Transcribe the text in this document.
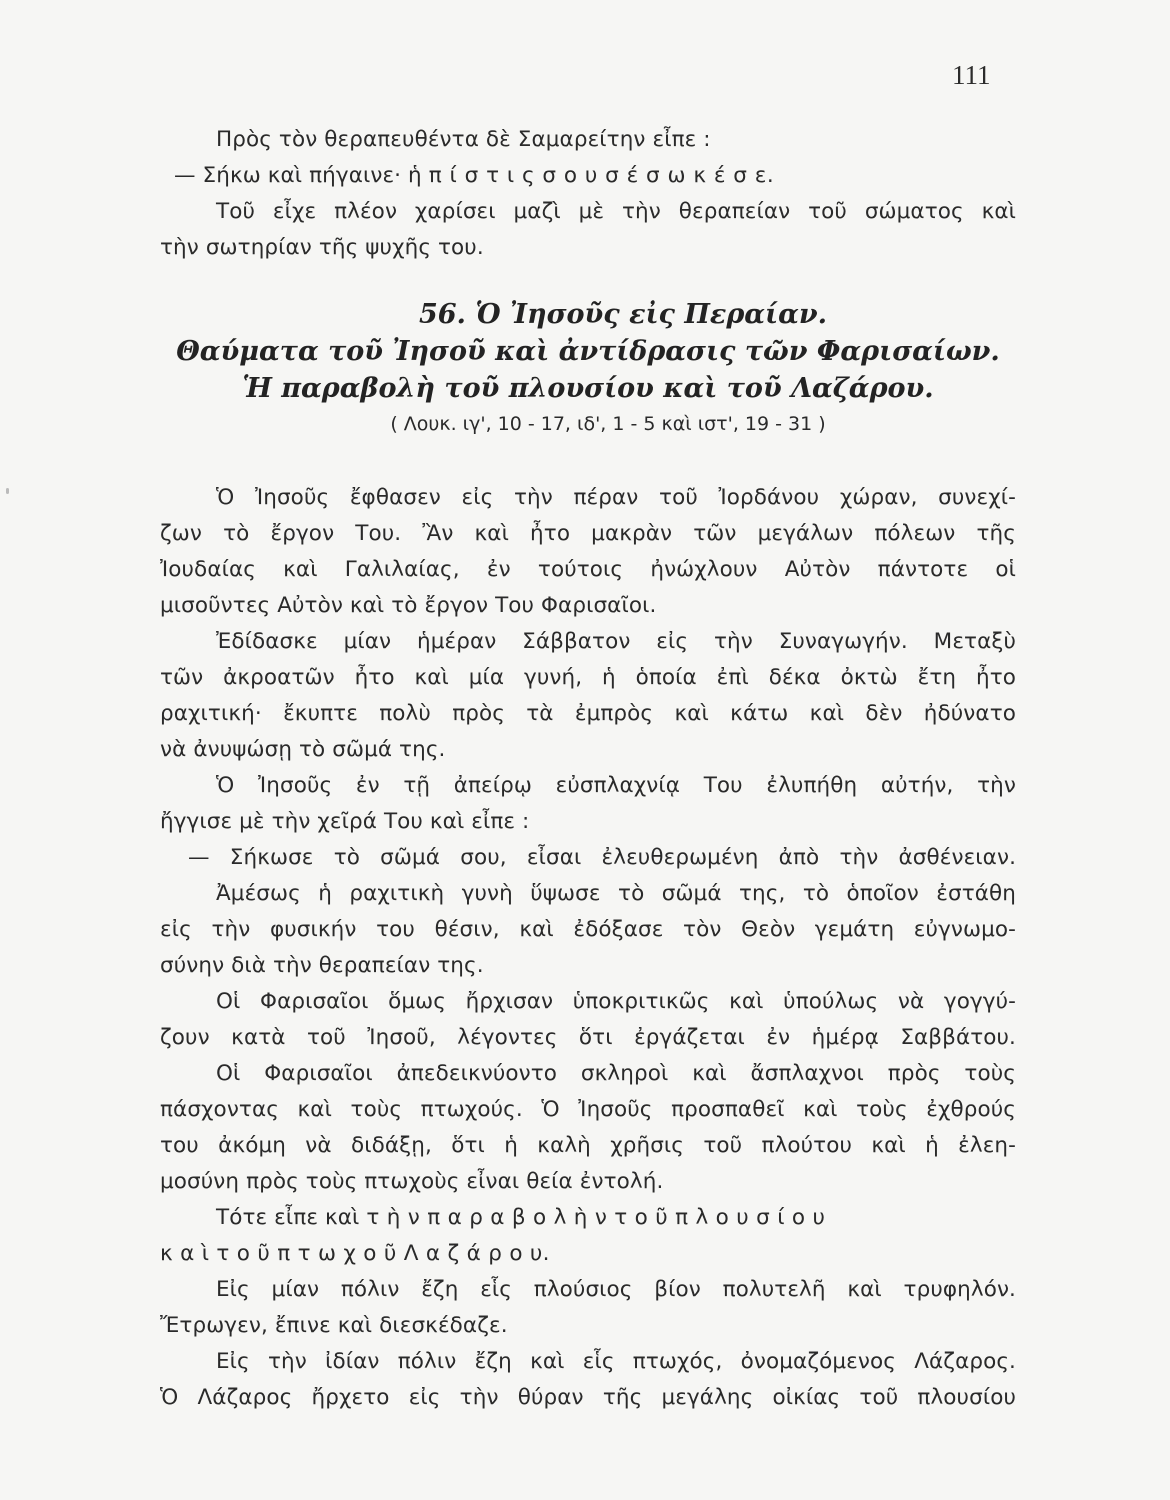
111
Πρὸς τὸν θεραπευθέντα δὲ Σαμαρείτην εἶπε :
— Σήκω καὶ πήγαινε· ἡ π ί σ τ ι ς σ ο υ σ έ σ ω κ έ σ ε.
Τοῦ εἶχε πλέον χαρίσει μαζὶ μὲ τὴν θεραπείαν τοῦ σώματος καὶ
τὴν σωτηρίαν τῆς ψυχῆς του.
56. Ὁ Ἰησοῦς εἰς Περαίαν.
Θαύματα τοῦ Ἰησοῦ καὶ ἀντίδρασις τῶν Φαρισαίων.
Ἡ παραβολὴ τοῦ πλουσίου καὶ τοῦ Λαζάρου.
( Λουκ. ιγ', 10 - 17, ιδ', 1 - 5 καὶ ιστ', 19 - 31 )
Ὁ Ἰησοῦς ἔφθασεν εἰς τὴν πέραν τοῦ Ἰορδάνου χώραν, συνεχί-
ζων τὸ ἔργον Του. Ἂν καὶ ἦτο μακρὰν τῶν μεγάλων πόλεων τῆς
Ἰουδαίας καὶ Γαλιλαίας, ἐν τούτοις ἠνώχλουν Αὐτὸν πάντοτε οἱ
μισοῦντες Αὐτὸν καὶ τὸ ἔργον Του Φαρισαῖοι.
Ἐδίδασκε μίαν ἡμέραν Σάββατον εἰς τὴν Συναγωγήν. Μεταξὺ
τῶν ἀκροατῶν ἦτο καὶ μία γυνή, ἡ ὁποία ἐπὶ δέκα ὀκτὼ ἔτη ἦτο
ραχιτική· ἔκυπτε πολὺ πρὸς τὰ ἐμπρὸς καὶ κάτω καὶ δὲν ἠδύνατο
νὰ ἀνυψώσῃ τὸ σῶμά της.
Ὁ Ἰησοῦς ἐν τῇ ἀπείρῳ εὐσπλαχνίᾳ Του ἐλυπήθη αὐτήν, τὴν
ἤγγισε μὲ τὴν χεῖρά Του καὶ εἶπε :
— Σήκωσε τὸ σῶμά σου, εἶσαι ἐλευθερωμένη ἀπὸ τὴν ἀσθένειαν.
Ἀμέσως ἡ ραχιτικὴ γυνὴ ὕψωσε τὸ σῶμά της, τὸ ὁποῖον ἐστάθη
εἰς τὴν φυσικήν του θέσιν, καὶ ἐδόξασε τὸν Θεὸν γεμάτη εὐγνωμο-
σύνην διὰ τὴν θεραπείαν της.
Οἱ Φαρισαῖοι ὅμως ἤρχισαν ὑποκριτικῶς καὶ ὑπούλως νὰ γογγύ-
ζουν κατὰ τοῦ Ἰησοῦ, λέγοντες ὅτι ἐργάζεται ἐν ἡμέρᾳ Σαββάτου.
Οἱ Φαρισαῖοι ἀπεδεικνύοντο σκληροὶ καὶ ἄσπλαχνοι πρὸς τοὺς
πάσχοντας καὶ τοὺς πτωχούς. Ὁ Ἰησοῦς προσπαθεῖ καὶ τοὺς ἐχθρούς
του ἀκόμη νὰ διδάξῃ, ὅτι ἡ καλὴ χρῆσις τοῦ πλούτου καὶ ἡ ἐλεη-
μοσύνη πρὸς τοὺς πτωχοὺς εἶναι θεία ἐντολή.
Τότε εἶπε καὶ τ ὴ ν π α ρ α β ο λ ὴ ν τ ο ῦ π λ ο υ σ ί ο υ
κ α ὶ τ ο ῦ π τ ω χ ο ῦ Λ α ζ ά ρ ο υ.
Εἰς μίαν πόλιν ἔζη εἷς πλούσιος βίον πολυτελῆ καὶ τρυφηλόν.
Ἔτρωγεν, ἔπινε καὶ διεσκέδαζε.
Εἰς τὴν ἰδίαν πόλιν ἔζη καὶ εἷς πτωχός, ὀνομαζόμενος Λάζαρος.
Ὁ Λάζαρος ἤρχετο εἰς τὴν θύραν τῆς μεγάλης οἰκίας τοῦ πλουσίου
